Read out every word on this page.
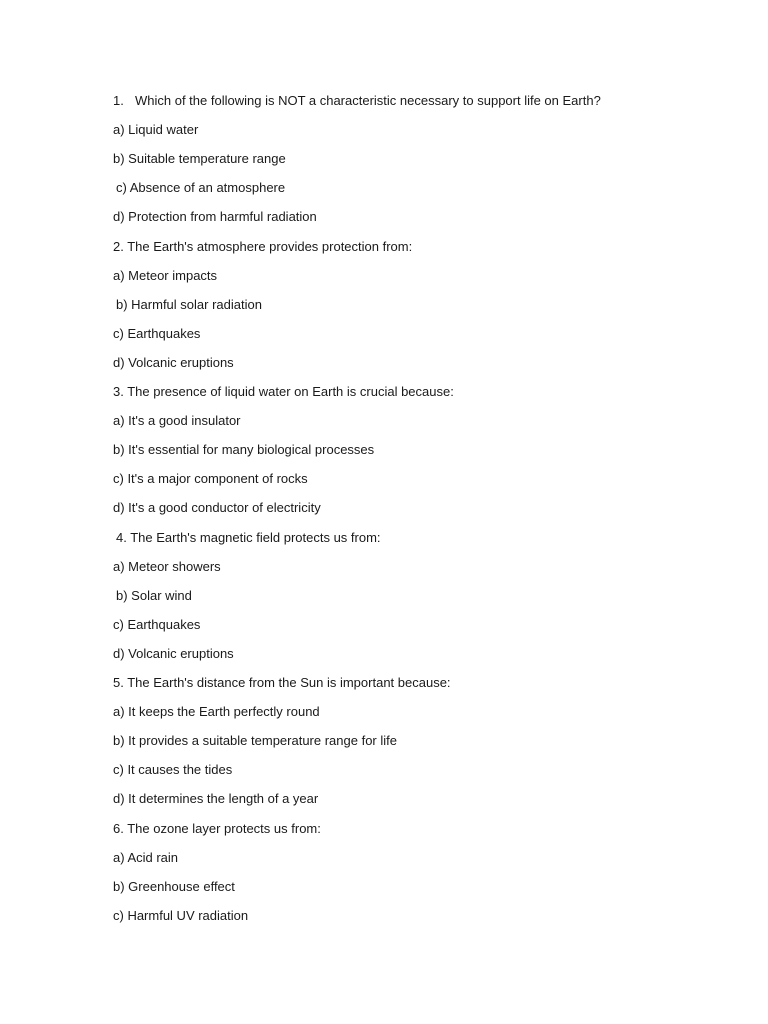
1. Which of the following is NOT a characteristic necessary to support life on Earth?
a) Liquid water
b) Suitable temperature range
c) Absence of an atmosphere
d) Protection from harmful radiation
2. The Earth's atmosphere provides protection from:
a) Meteor impacts
b) Harmful solar radiation
c) Earthquakes
d) Volcanic eruptions
3. The presence of liquid water on Earth is crucial because:
a) It's a good insulator
b) It's essential for many biological processes
c) It's a major component of rocks
d) It's a good conductor of electricity
4. The Earth's magnetic field protects us from:
a) Meteor showers
b) Solar wind
c) Earthquakes
d) Volcanic eruptions
5. The Earth's distance from the Sun is important because:
a) It keeps the Earth perfectly round
b) It provides a suitable temperature range for life
c) It causes the tides
d) It determines the length of a year
6. The ozone layer protects us from:
a) Acid rain
b) Greenhouse effect
c) Harmful UV radiation
